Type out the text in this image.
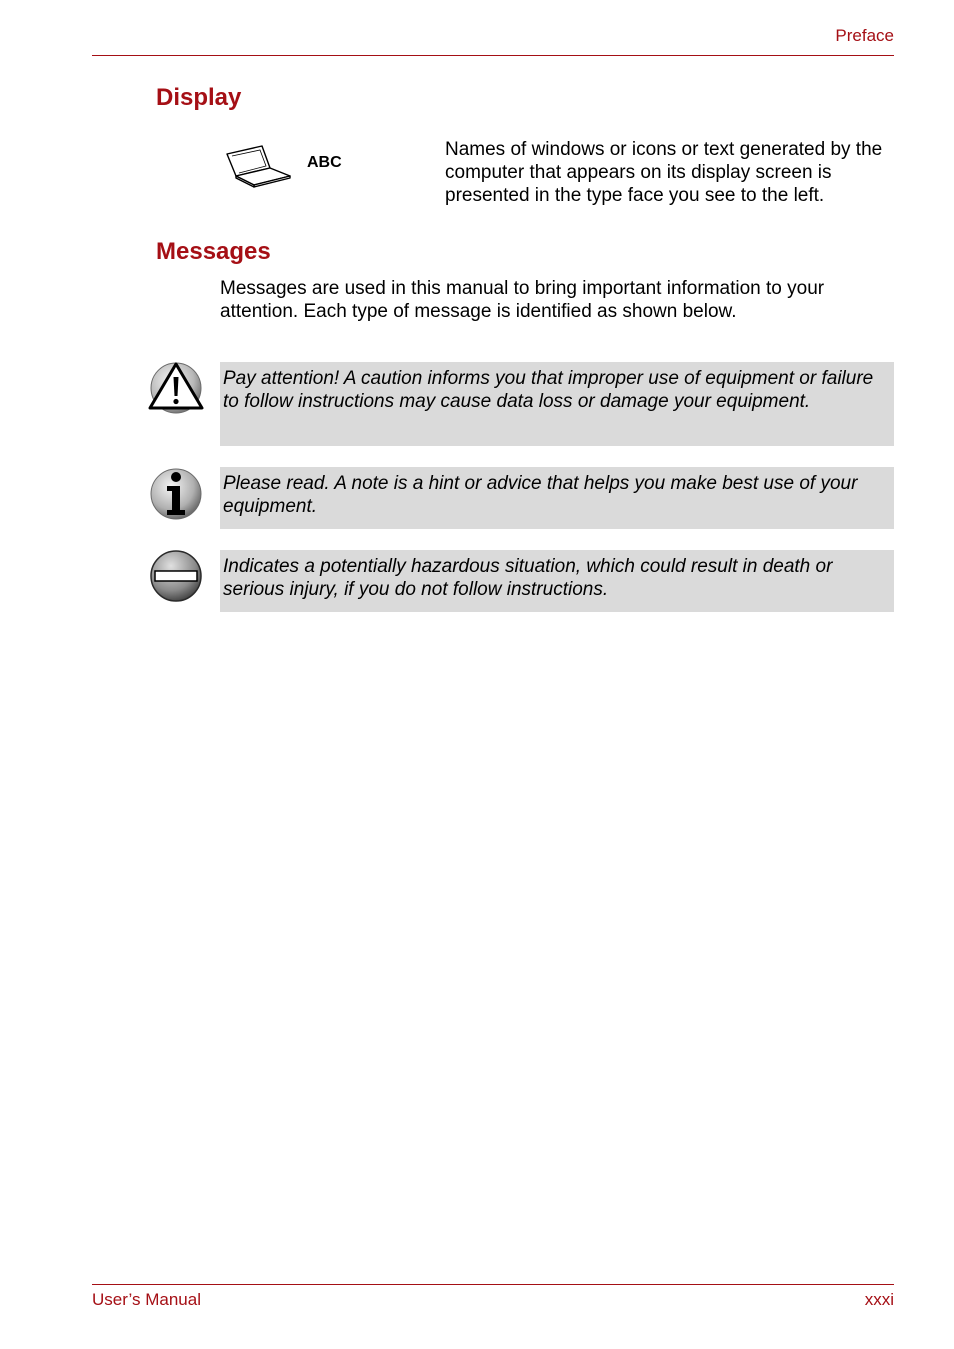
Preface
Display
ABC
Names of windows or icons or text generated by the computer that appears on its display screen is presented in the type face you see to the left.
Messages
Messages are used in this manual to bring important information to your attention. Each type of message is identified as shown below.
Pay attention! A caution informs you that improper use of equipment or failure to follow instructions may cause data loss or damage your equipment.
Please read. A note is a hint or advice that helps you make best use of your equipment.
Indicates a potentially hazardous situation, which could result in death or serious injury, if you do not follow instructions.
User’s Manual	xxxi
